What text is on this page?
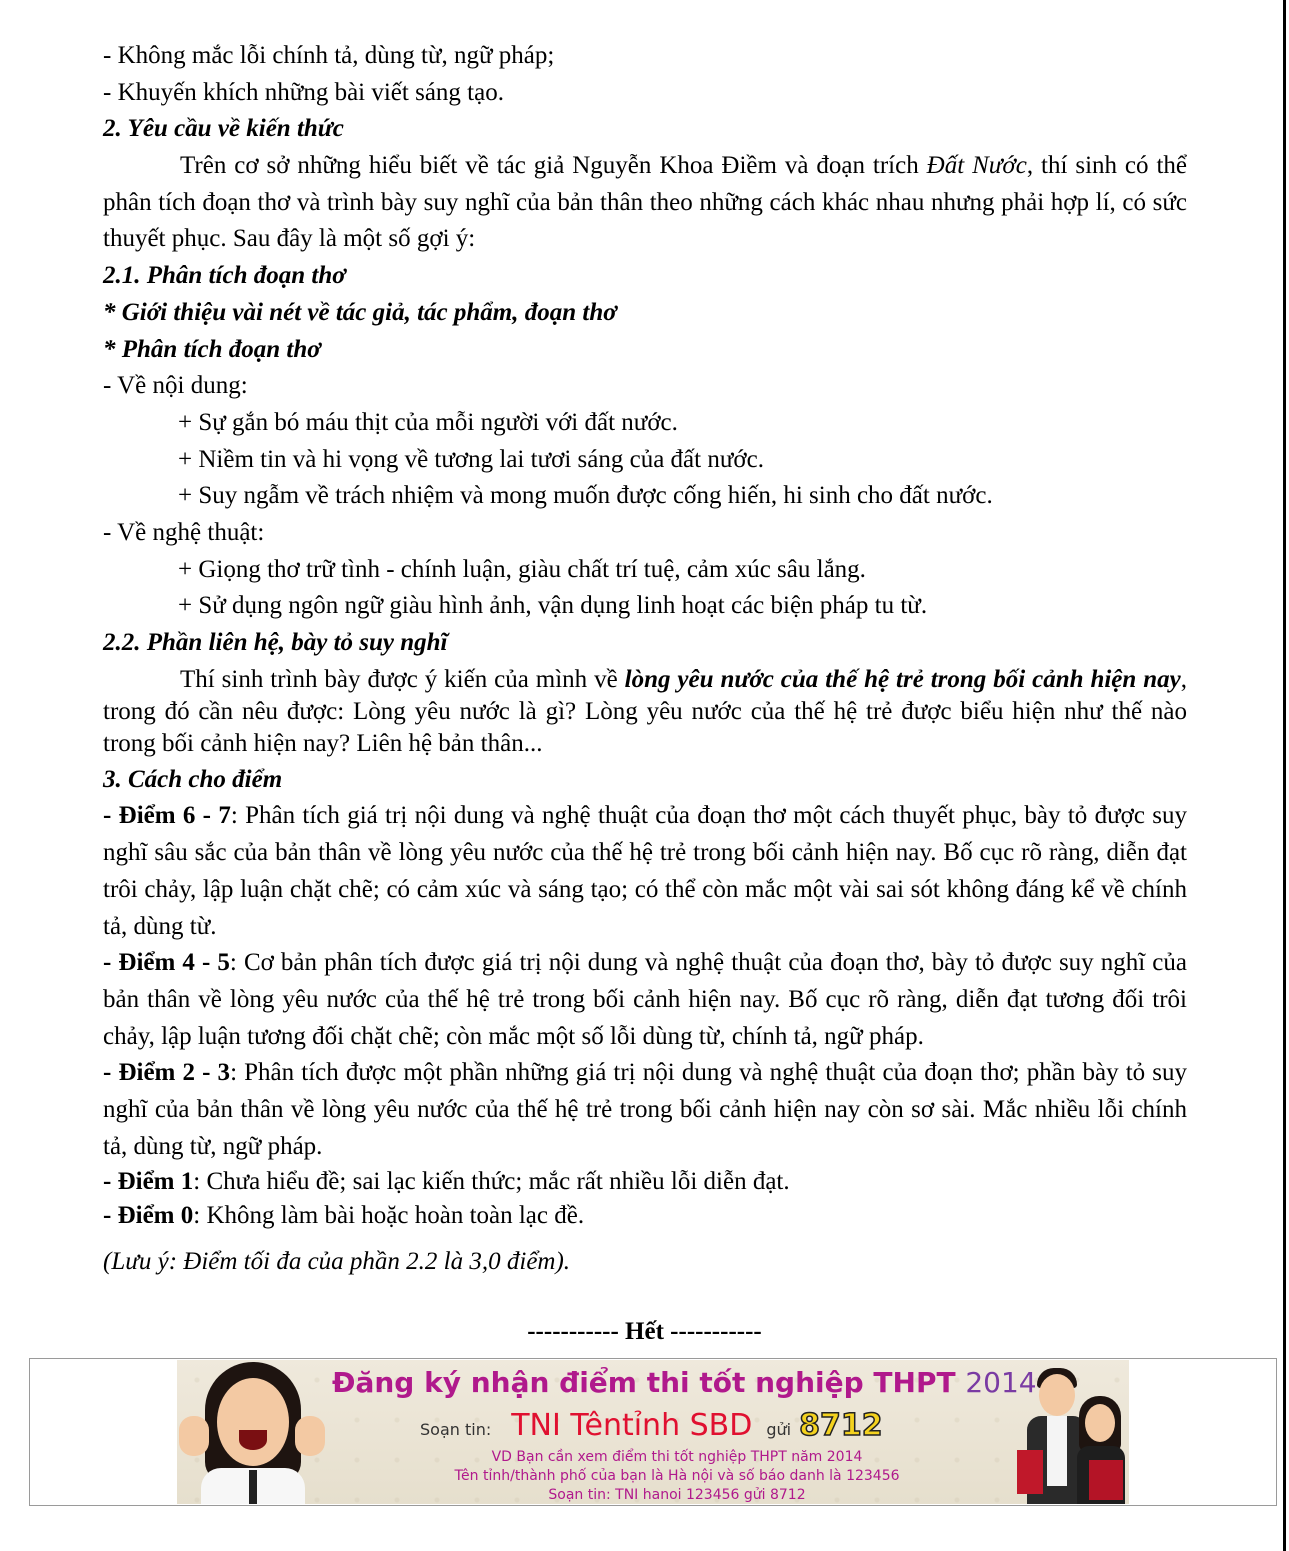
- Không mắc lỗi chính tả, dùng từ, ngữ pháp;
- Khuyến khích những bài viết sáng tạo.
2. Yêu cầu về kiến thức
Trên cơ sở những hiểu biết về tác giả Nguyễn Khoa Điềm và đoạn trích Đất Nước, thí sinh có thể phân tích đoạn thơ và trình bày suy nghĩ của bản thân theo những cách khác nhau nhưng phải hợp lí, có sức thuyết phục. Sau đây là một số gợi ý:
2.1. Phân tích đoạn thơ
* Giới thiệu vài nét về tác giả, tác phẩm, đoạn thơ
* Phân tích đoạn thơ
- Về nội dung:
+ Sự gắn bó máu thịt của mỗi người với đất nước.
+ Niềm tin và hi vọng về tương lai tươi sáng của đất nước.
+ Suy ngẫm về trách nhiệm và mong muốn được cống hiến, hi sinh cho đất nước.
- Về nghệ thuật:
+ Giọng thơ trữ tình - chính luận, giàu chất trí tuệ, cảm xúc sâu lắng.
+ Sử dụng ngôn ngữ giàu hình ảnh, vận dụng linh hoạt các biện pháp tu từ.
2.2. Phần liên hệ, bày tỏ suy nghĩ
Thí sinh trình bày được ý kiến của mình về lòng yêu nước của thế hệ trẻ trong bối cảnh hiện nay, trong đó cần nêu được: Lòng yêu nước là gì? Lòng yêu nước của thế hệ trẻ được biểu hiện như thế nào trong bối cảnh hiện nay? Liên hệ bản thân...
3. Cách cho điểm
- Điểm 6 - 7: Phân tích giá trị nội dung và nghệ thuật của đoạn thơ một cách thuyết phục, bày tỏ được suy nghĩ sâu sắc của bản thân về lòng yêu nước của thế hệ trẻ trong bối cảnh hiện nay. Bố cục rõ ràng, diễn đạt trôi chảy, lập luận chặt chẽ; có cảm xúc và sáng tạo; có thể còn mắc một vài sai sót không đáng kể về chính tả, dùng từ.
- Điểm 4 - 5: Cơ bản phân tích được giá trị nội dung và nghệ thuật của đoạn thơ, bày tỏ được suy nghĩ của bản thân về lòng yêu nước của thế hệ trẻ trong bối cảnh hiện nay. Bố cục rõ ràng, diễn đạt tương đối trôi chảy, lập luận tương đối chặt chẽ; còn mắc một số lỗi dùng từ, chính tả, ngữ pháp.
- Điểm 2 - 3: Phân tích được một phần những giá trị nội dung và nghệ thuật của đoạn thơ; phần bày tỏ suy nghĩ của bản thân về lòng yêu nước của thế hệ trẻ trong bối cảnh hiện nay còn sơ sài. Mắc nhiều lỗi chính tả, dùng từ, ngữ pháp.
- Điểm 1: Chưa hiểu đề; sai lạc kiến thức; mắc rất nhiều lỗi diễn đạt.
- Điểm 0: Không làm bài hoặc hoàn toàn lạc đề.
(Lưu ý: Điểm tối đa của phần 2.2 là 3,0 điểm).
----------- Hết -----------
Đăng ký nhận điểm thi tốt nghiệp THPT 2014
Soạn tin: TNI Têntỉnh SBD gửi 8712
VD Bạn cần xem điểm thi tốt nghiệp THPT năm 2014
Tên tỉnh/thành phố của bạn là Hà nội và số báo danh là 123456
Soạn tin: TNI hanoi 123456 gửi 8712
